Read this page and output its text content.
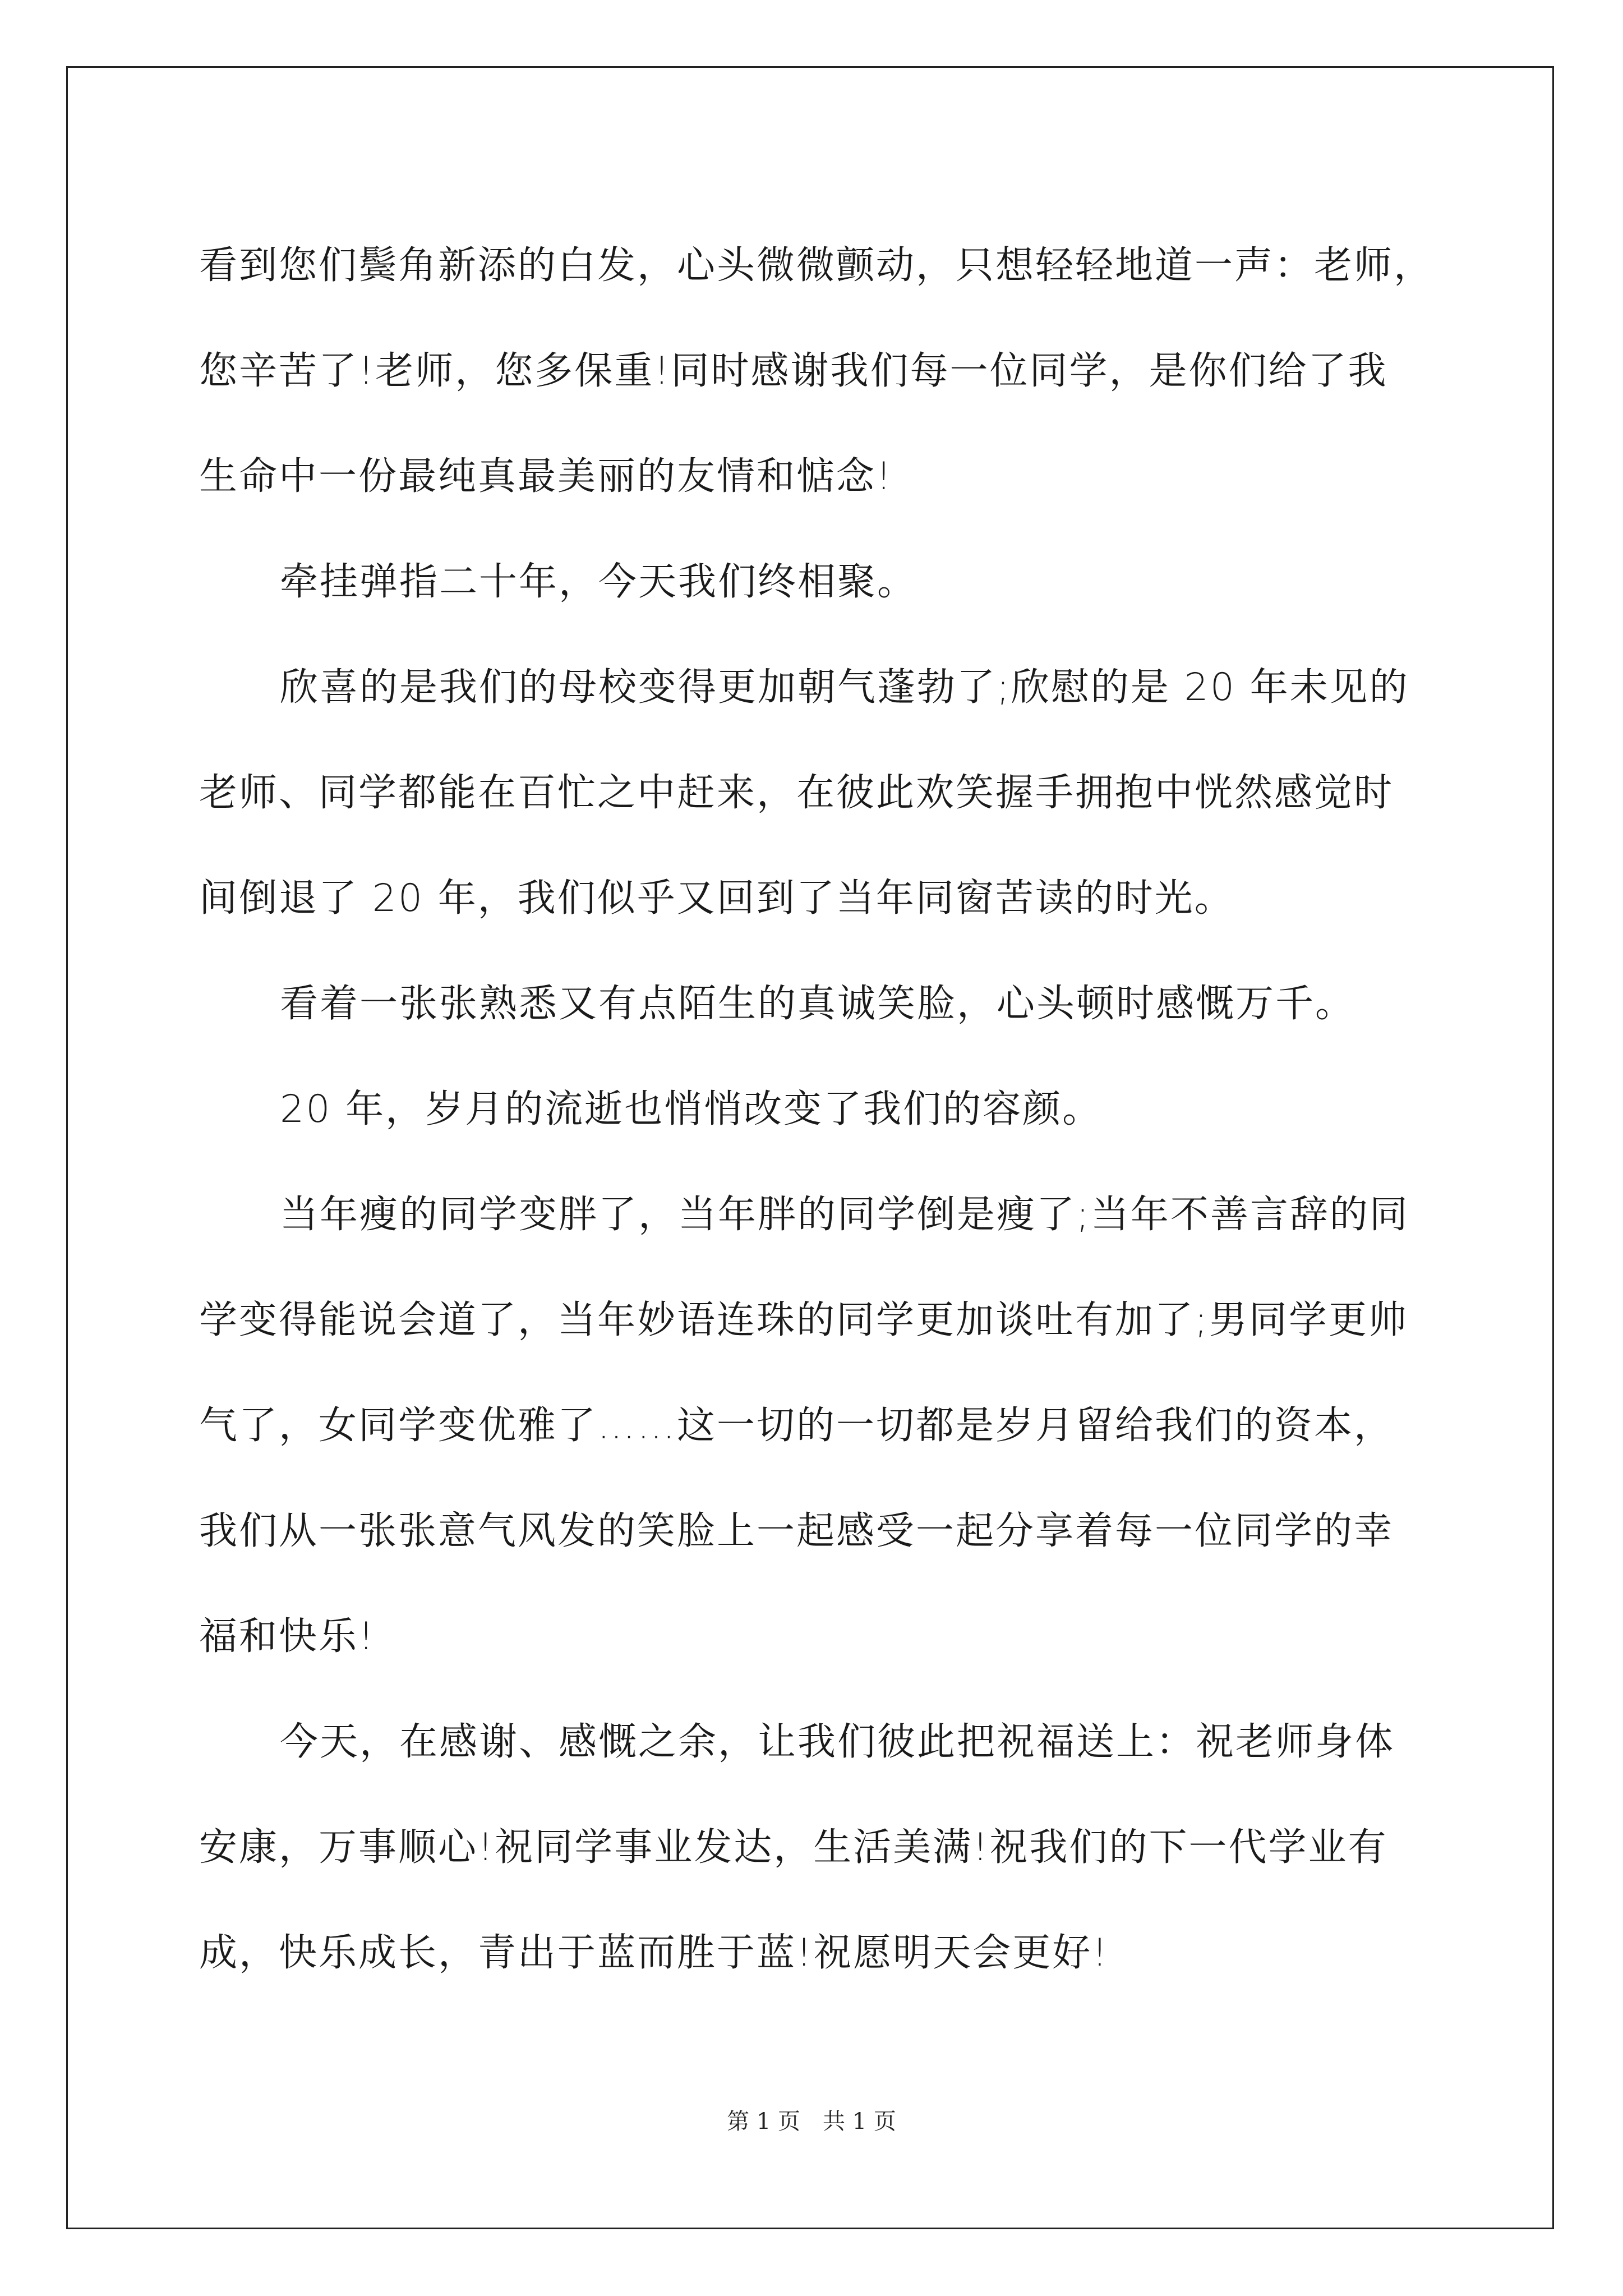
看到您们鬓角新添的白发，心头微微颤动，只想轻轻地道一声：老师，
您辛苦了!老师，您多保重!同时感谢我们每一位同学，是你们给了我
生命中一份最纯真最美丽的友情和惦念!
牵挂弹指二十年，今天我们终相聚。
欣喜的是我们的母校变得更加朝气蓬勃了;欣慰的是 20 年未见的
老师、同学都能在百忙之中赶来，在彼此欢笑握手拥抱中恍然感觉时
间倒退了 20 年，我们似乎又回到了当年同窗苦读的时光。
看着一张张熟悉又有点陌生的真诚笑脸，心头顿时感慨万千。
20 年，岁月的流逝也悄悄改变了我们的容颜。
当年瘦的同学变胖了，当年胖的同学倒是瘦了;当年不善言辞的同
学变得能说会道了，当年妙语连珠的同学更加谈吐有加了;男同学更帅
气了，女同学变优雅了……这一切的一切都是岁月留给我们的资本，
我们从一张张意气风发的笑脸上一起感受一起分享着每一位同学的幸
福和快乐!
今天，在感谢、感慨之余，让我们彼此把祝福送上：祝老师身体
安康，万事顺心!祝同学事业发达，生活美满!祝我们的下一代学业有
成，快乐成长，青出于蓝而胜于蓝!祝愿明天会更好!
第 1 页 共 1 页
